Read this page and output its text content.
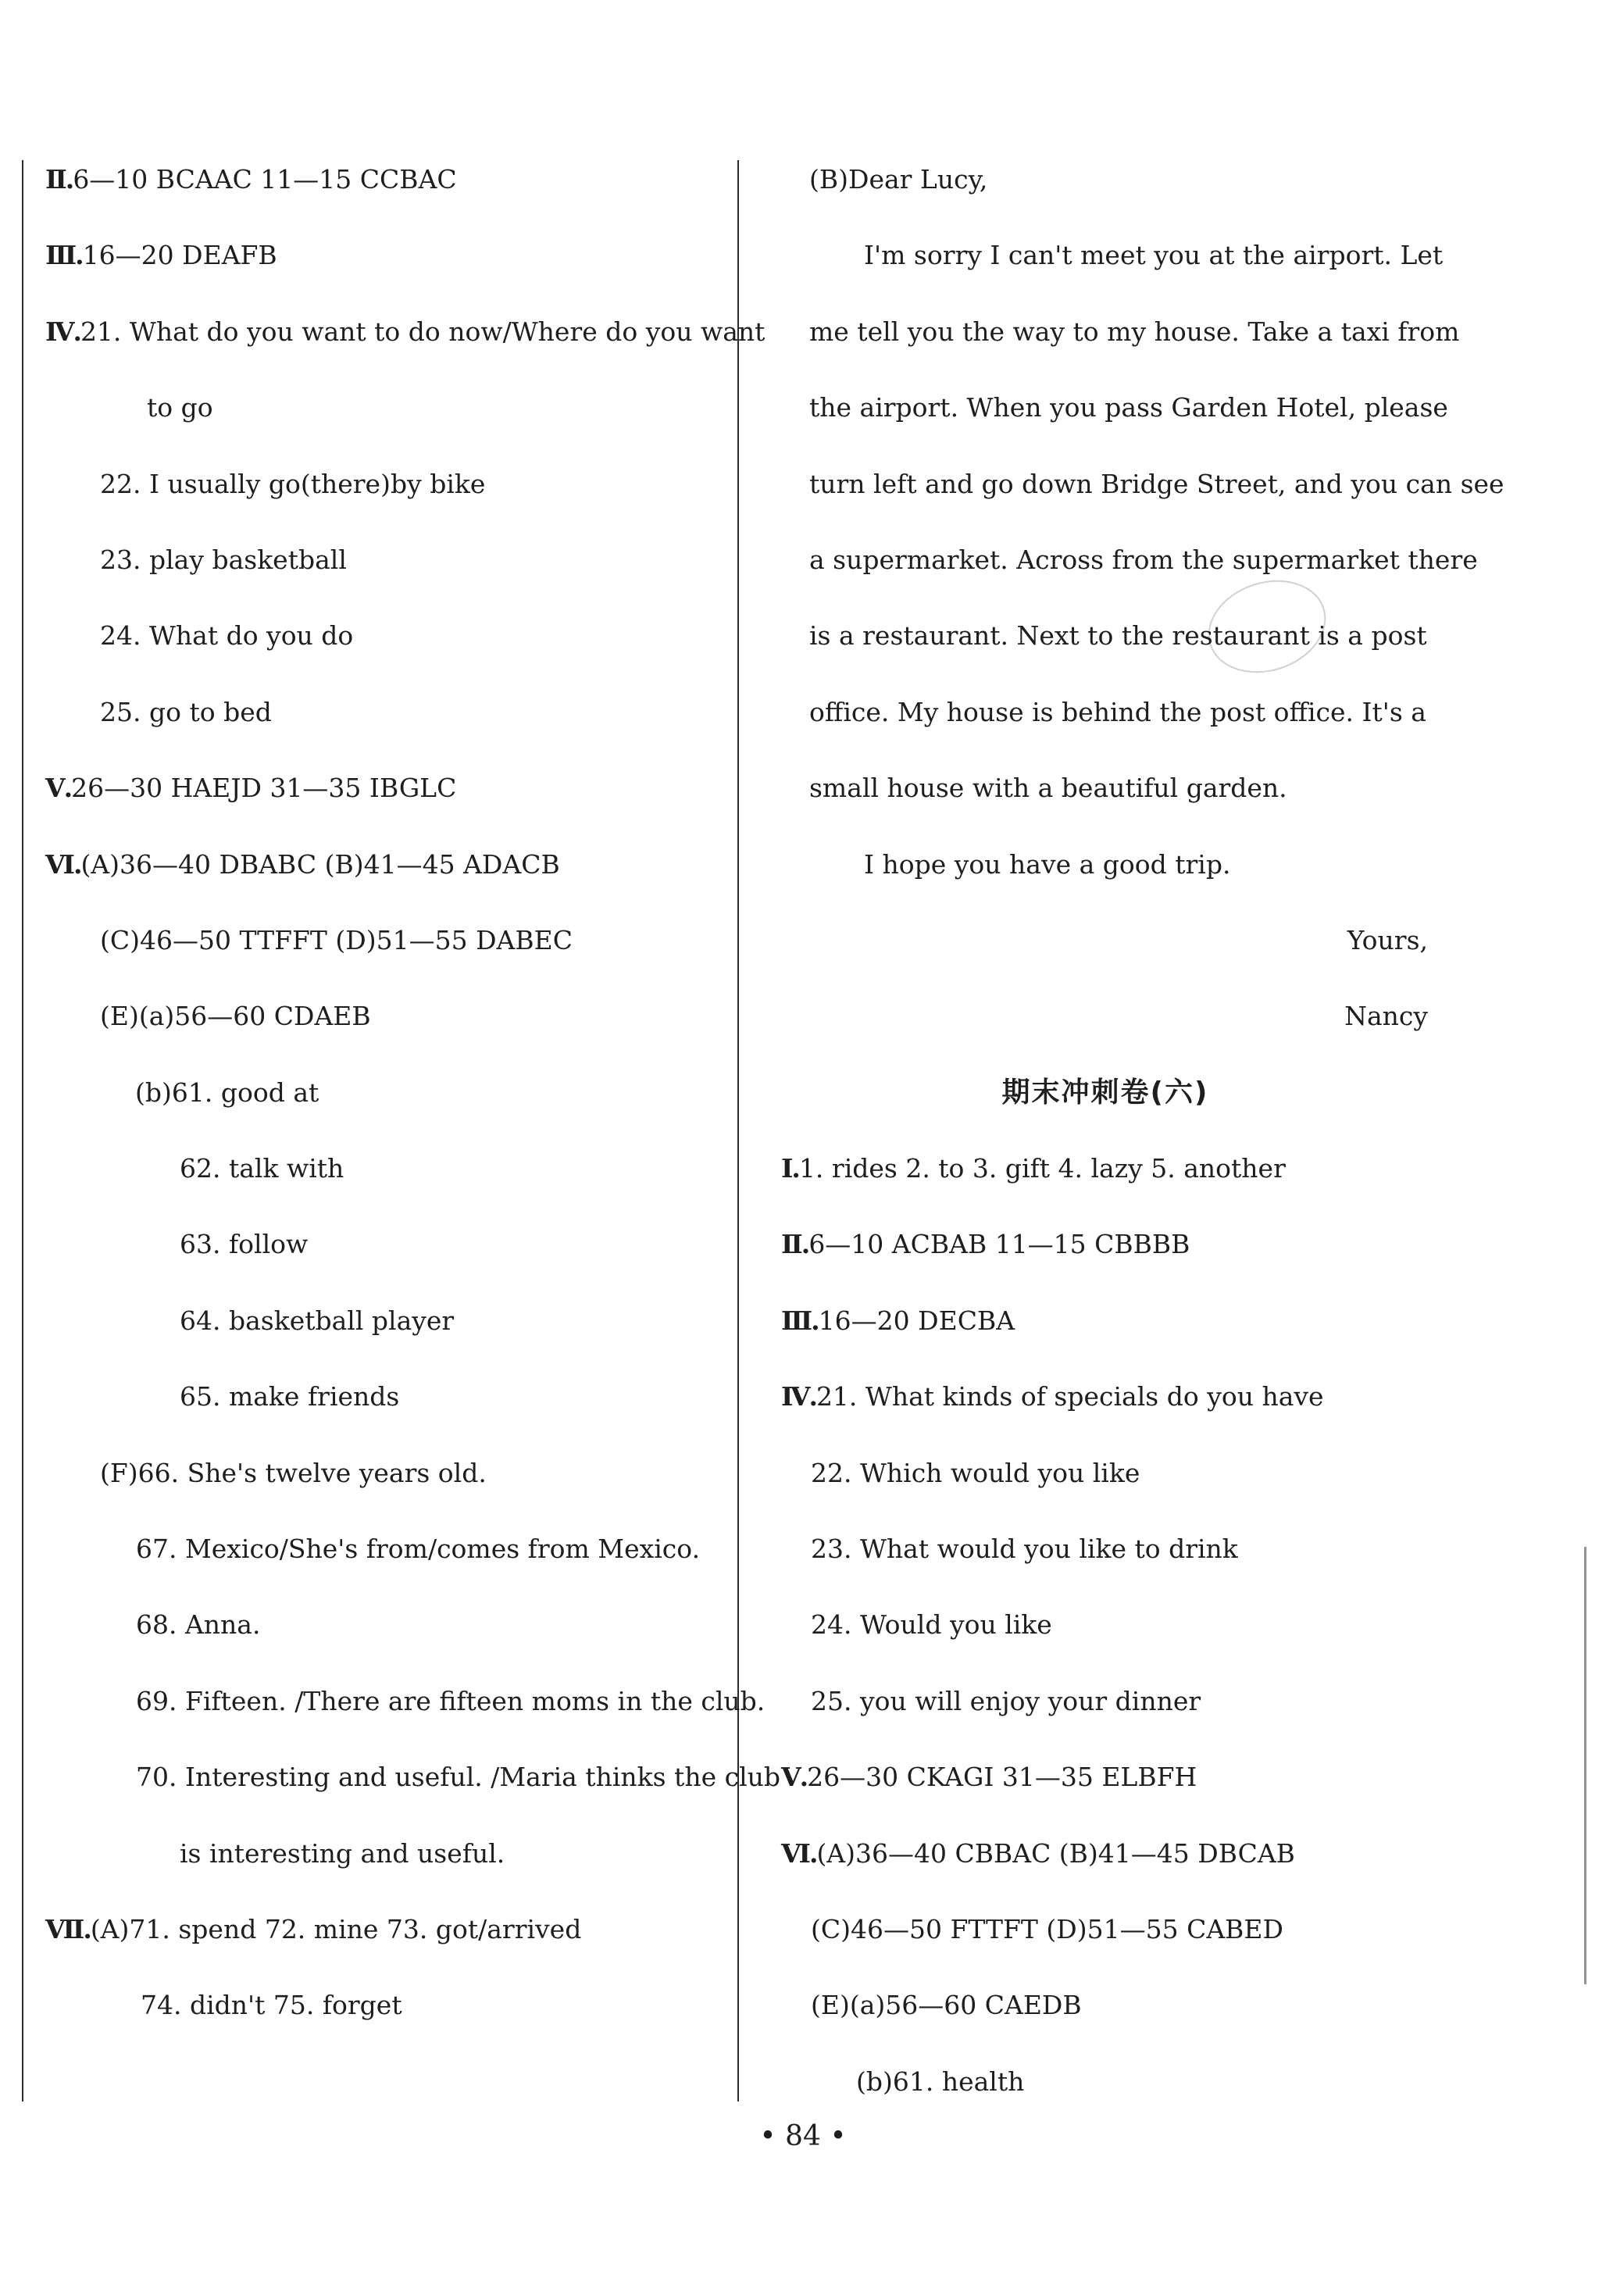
Ⅱ.6—10 BCAAC 11—15 CCBAC
Ⅲ.16—20 DEAFB
Ⅳ.21. What do you want to do now/Where do you want
to go
22. I usually go(there)by bike
23. play basketball
24. What do you do
25. go to bed
Ⅴ.26—30 HAEJD 31—35 IBGLC
Ⅵ.(A)36—40 DBABC (B)41—45 ADACB
(C)46—50 TTFFT (D)51—55 DABEC
(E)(a)56—60 CDAEB
(b)61. good at
62. talk with
63. follow
64. basketball player
65. make friends
(F)66. She's twelve years old.
67. Mexico/She's from/comes from Mexico.
68. Anna.
69. Fifteen. /There are fifteen moms in the club.
70. Interesting and useful. /Maria thinks the club
is interesting and useful.
Ⅶ.(A)71. spend 72. mine 73. got/arrived
74. didn't 75. forget
(B)Dear Lucy,
I'm sorry I can't meet you at the airport. Let
me tell you the way to my house. Take a taxi from
the airport. When you pass Garden Hotel, please
turn left and go down Bridge Street, and you can see
a supermarket. Across from the supermarket there
is a restaurant. Next to the restaurant is a post
office. My house is behind the post office. It's a
small house with a beautiful garden.
I hope you have a good trip.
Yours,
Nancy
期末冲刺卷(六)
Ⅰ.1. rides 2. to 3. gift 4. lazy 5. another
Ⅱ.6—10 ACBAB 11—15 CBBBB
Ⅲ.16—20 DECBA
Ⅳ.21. What kinds of specials do you have
22. Which would you like
23. What would you like to drink
24. Would you like
25. you will enjoy your dinner
Ⅴ.26—30 CKAGI 31—35 ELBFH
Ⅵ.(A)36—40 CBBAC (B)41—45 DBCAB
(C)46—50 FTTFT (D)51—55 CABED
(E)(a)56—60 CAEDB
(b)61. health
• 84 •
